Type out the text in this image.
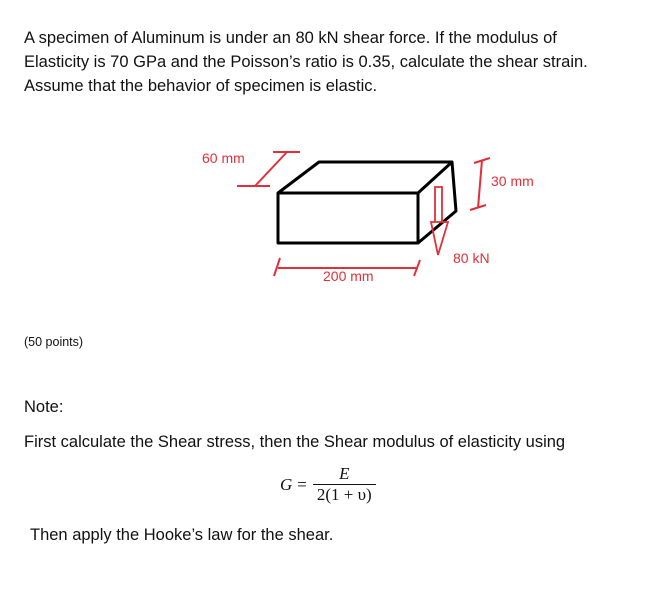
A specimen of Aluminum is under an 80 kN shear force. If the modulus of
Elasticity is 70 GPa and the Poisson’s ratio is 0.35, calculate the shear strain.
Assume that the behavior of specimen is elastic.
60 mm
30 mm
80 kN
200 mm
(50 points)
Note:
First calculate the Shear stress, then the Shear modulus of elasticity using
$G = \frac{E}{2(1 + \upsilon)}$
Then apply the Hooke’s law for the shear.
